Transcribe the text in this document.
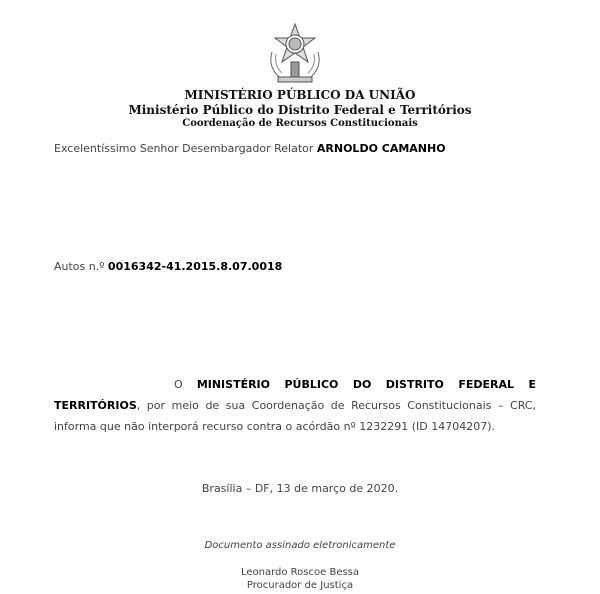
MINISTÉRIO PÚBLICO DA UNIÃO
Ministério Público do Distrito Federal e Territórios
Coordenação de Recursos Constitucionais
Excelentíssimo Senhor Desembargador Relator ARNOLDO CAMANHO
Autos n.º 0016342-41.2015.8.07.0018
O MINISTÉRIO PÚBLICO DO DISTRITO FEDERAL E
TERRITÓRIOS, por meio de sua Coordenação de Recursos Constitucionais – CRC, informa que não interporá recurso contra o acórdão nº 1232291 (ID 14704207).
Brasília – DF, 13 de março de 2020.
Documento assinado eletronicamente
Leonardo Roscoe Bessa
Procurador de Justiça
